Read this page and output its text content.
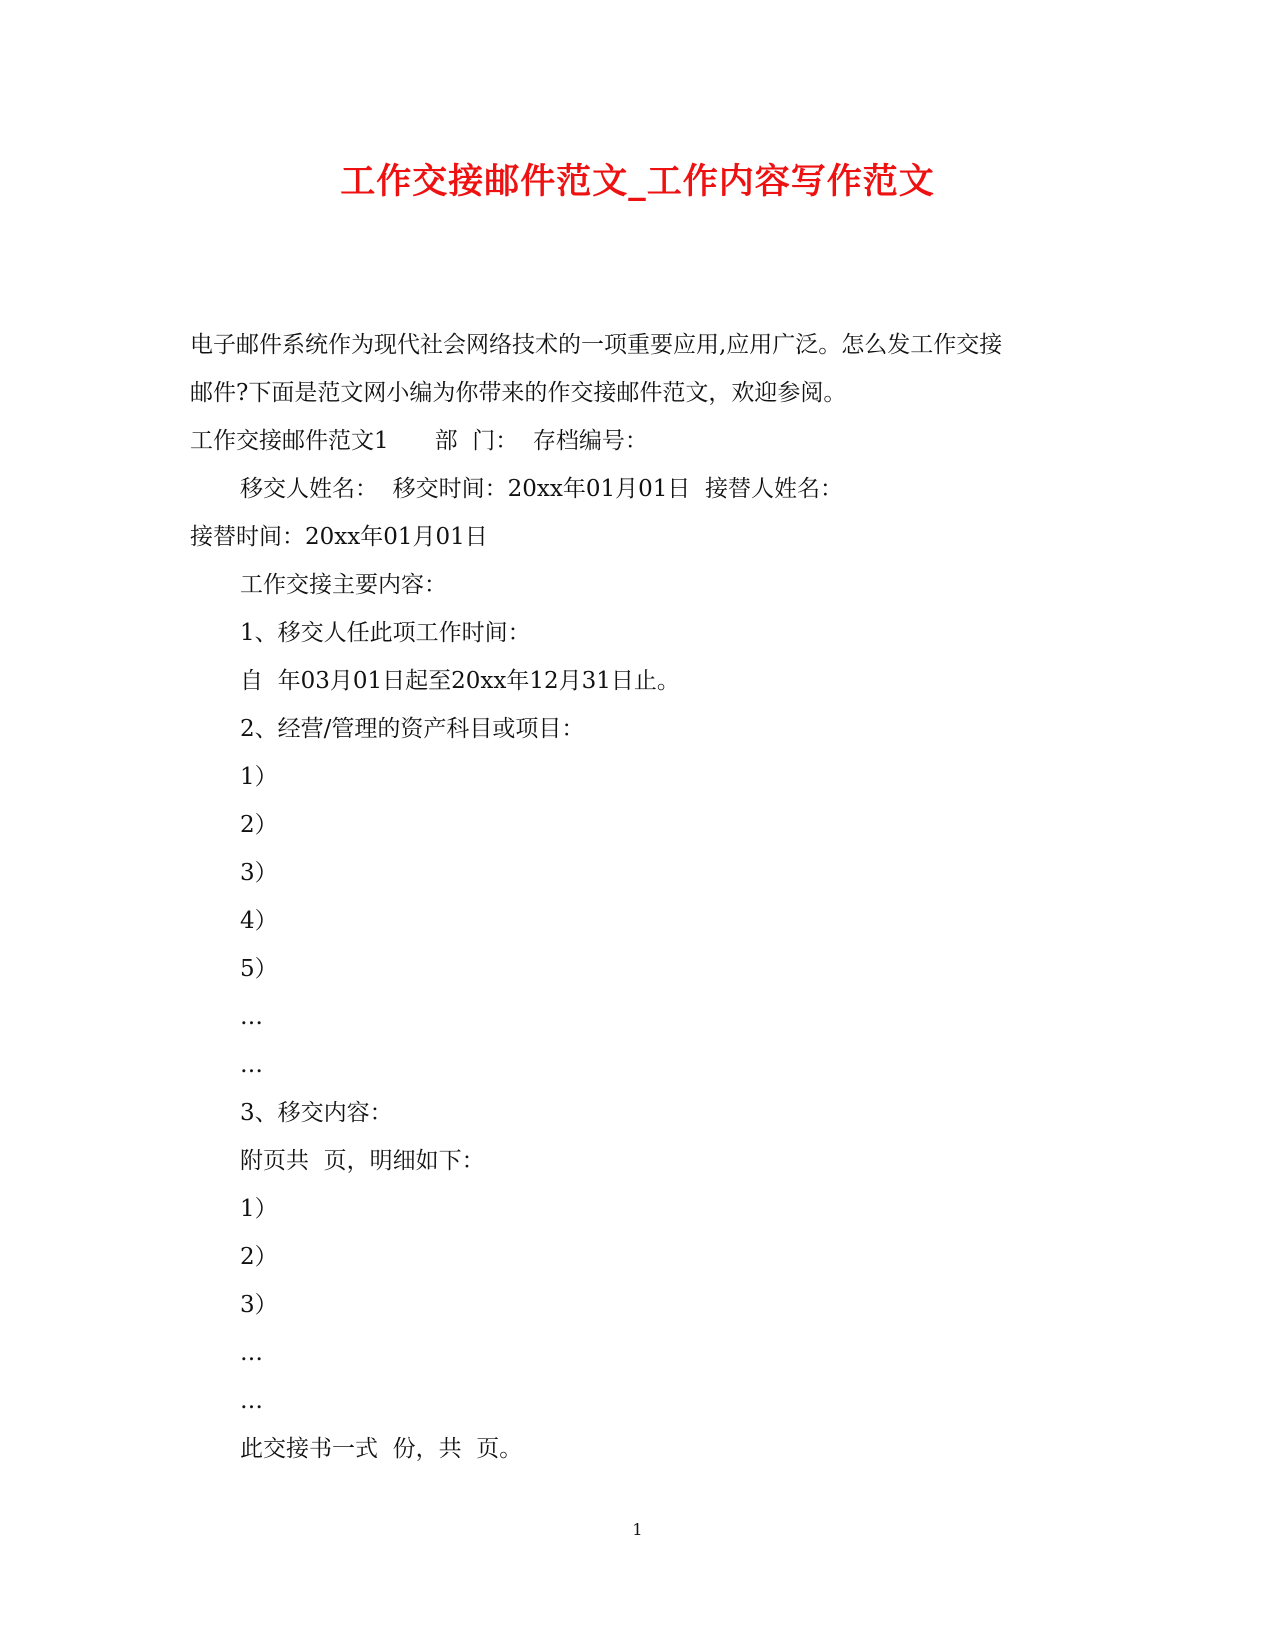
工作交接邮件范文_工作内容写作范文
电子邮件系统作为现代社会网络技术的一项重要应用,应用广泛。怎么发工作交接
邮件?下面是范文网小编为你带来的作交接邮件范文，欢迎参阅。
工作交接邮件范文1　　部  门：  存档编号：
移交人姓名：  移交时间：20xx年01月01日  接替人姓名：
接替时间：20xx年01月01日
工作交接主要内容：
1、移交人任此项工作时间：
自  年03月01日起至20xx年12月31日止。
2、经营/管理的资产科目或项目：
1）
2）
3）
4）
5）
…
…
3、移交内容：
附页共  页，明细如下：
1）
2）
3）
…
…
此交接书一式  份，共  页。
1
